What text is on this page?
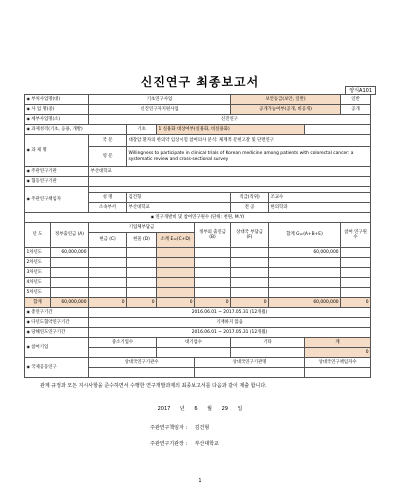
신진연구 최종보고서
양식A101
◉ 부처사업명(대)		기초연구사업				보안등급(보안, 일반)			일반
◉ 사 업 명(중)		신진연구자지원사업				공개가능여부(공개, 비공개)			공개
◉ 세부사업명(소)		신진연구							
◉ 과제성격(기초, 응용, 개발)			기초	1 실용화 대상여부(실용화, 비실용화)					
◉ 과 제 명		국 문	대장암 환자의 한의약 임상시험 참여의사 분석: 체계적 문헌고찰 및 단면연구						
		영 문	Willingness to participate in clinical trials of Korean medicine among patients with colorectal cancer: a systematic review and cross-sectional survey						
◉ 주관연구기관		부산대학교							
◉ 협동연구기관	
◉ 주관연구책임자	
		성 명	김건형			직급(직위)	조교수		
		소속부서	부산대학교			전 공	한의학과		
◉ 연구개발비 및 참여연구원수 (단위: 천원, M.Y)
년 도	정부출연금 (A)	기업체부담금			정부외 출연금 (B)	상대국 부담금 (F)	합계 G=(A+B+E)		참여 연구원수
		현금 (C)	현물 (D)	소계 E=(C+D)					
1차년도	60,000,000						60,000,000		
2차년도									
3차년도									
4차년도									
5차년도									
합계	60,000,000	0	0	0	0	0	60,000,000		0
◉ 총연구기간		2016.06.01 ~ 2017.05.31 (12개월)							
◉ 다년도협약연구기간		기재하지 않음							
◉ 당해연도연구기간		2016.06.01 ~ 2017.05.31 (12개월)							
◉ 참여기업		중소기업수		대기업수		기타		계	
								0	
◉ 국제공동연구		상대국연구기관수			상대국연구기관명			상대국연구책임자수	

관계 규정과 모든 지시사항을 준수하면서 수행한 연구개발과제의 최종보고서를 다음과 같이 제출 합니다.
2017 년 6 월 29 일
주관연구책임자 : 김건형
주관연구기관장 : 부산대학교
1
